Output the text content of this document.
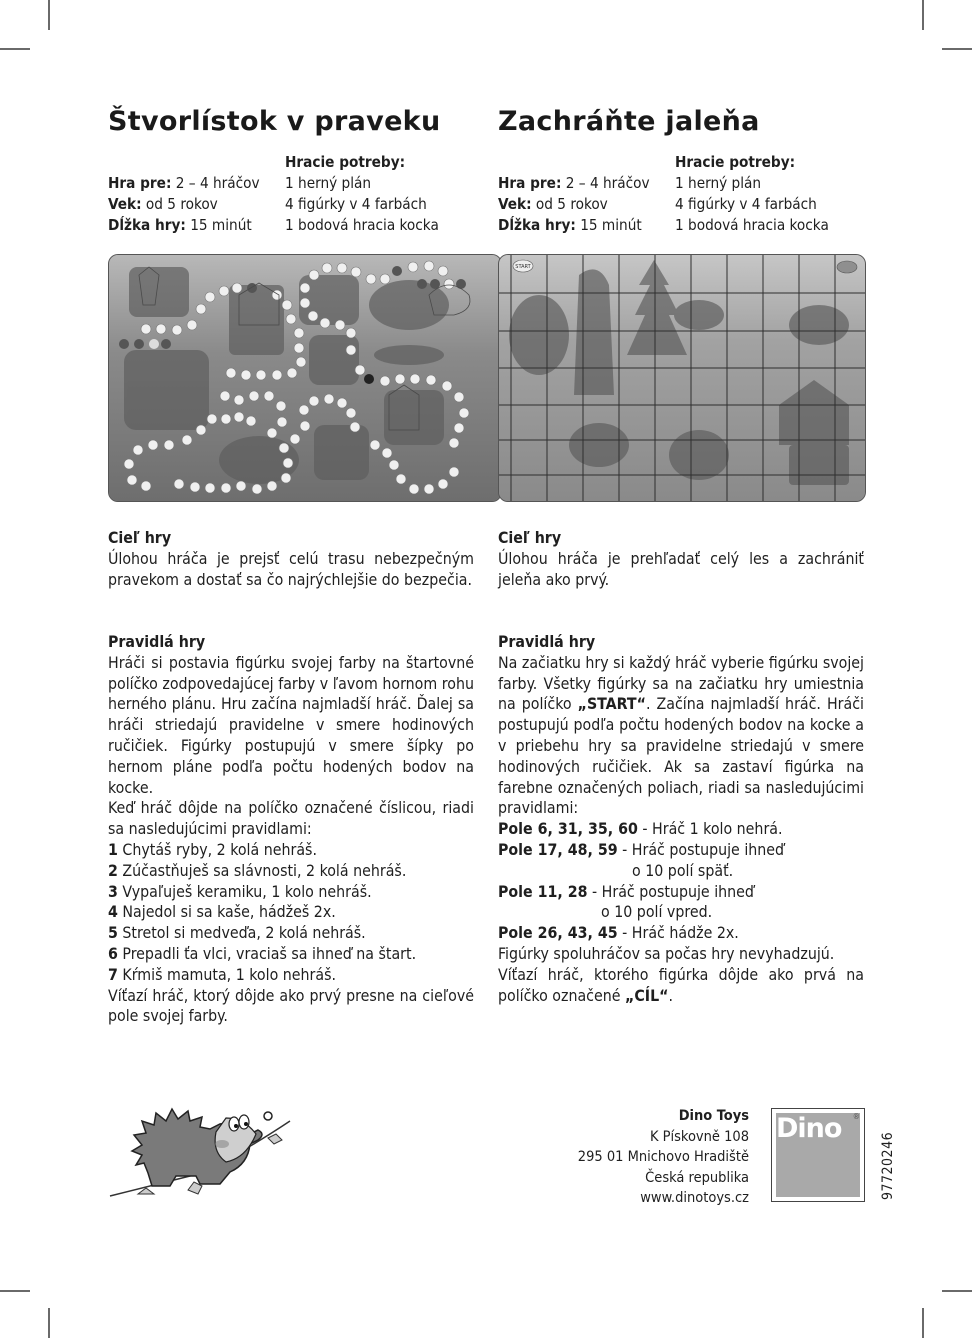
Štvorlístok v praveku
Hra pre: 2 – 4 hráčov
Vek: od 5 rokov
Dĺžka hry: 15 minút
Hracie potreby:
1 herný plán
4 figúrky v 4 farbách
1 bodová hracia kocka
Zachráňte jaleňa
Hra pre: 2 – 4 hráčov
Vek: od 5 rokov
Dĺžka hry: 15 minút
Hracie potreby:
1 herný plán
4 figúrky v 4 farbách
1 bodová hracia kocka
START
Cieľ hry

Úlohou hráča je prejsť celú trasu nebezpečným pravekom a dostať sa čo najrýchlejšie do bezpečia.

Cieľ hry

Úlohou hráča je prehľadať celý les a zachrániť jeleňa ako prvý.

Pravidlá hry

Hráči si postavia figúrku svojej farby na štartovné políčko zodpovedajúcej farby v ľavom hornom rohu herného plánu. Hru začína najmladší hráč. Ďalej sa hráči striedajú pravidelne v smere hodinových ručičiek. Figúrky postupujú v smere šípky po hernom pláne podľa počtu hodených bodov na kocke.

Keď hráč dôjde na políčko označené číslicou, riadi sa nasledujúcimi pravidlami:

1 Chytáš ryby, 2 kolá nehráš.
2 Zúčastňuješ sa slávnosti, 2 kolá nehráš.
3 Vypaľuješ keramiku, 1 kolo nehráš.
4 Najedol si sa kaše, hádžeš 2x.
5 Stretol si medveďa, 2 kolá nehráš.
6 Prepadli ťa vlci, vraciaš sa ihneď na štart.
7 Kŕmiš mamuta, 1 kolo nehráš.

Víťazí hráč, ktorý dôjde ako prvý presne na cieľové pole svojej farby.

Pravidlá hry

Na začiatku hry si každý hráč vyberie figúrku svojej farby. Všetky figúrky sa na začiatku hry umiestnia na políčko „START“. Začína najmladší hráč. Hráči postupujú podľa počtu hodených bodov na kocke a v priebehu hry sa pravidelne striedajú v smere hodinových ručičiek. Ak sa zastaví figúrka na farebne označených poliach, riadi sa nasledujúcimi pravidlami:

Pole 6, 31, 35, 60 - Hráč 1 kolo nehrá.
Pole 17, 48, 59 - Hráč postupuje ihneď
o 10 polí späť.
Pole 11, 28 - Hráč postupuje ihneď
o 10 polí vpred.
Pole 26, 43, 45 - Hráč hádže 2x.

Figúrky spoluhráčov sa počas hry nevyhadzujú.

Víťazí hráč, ktorého figúrka dôjde ako prvá na políčko označené „CÍL“.

Dino Toys
K Pískovně 108
295 01 Mnichovo Hradiště
Česká republika
www.dinotoys.cz
Dino ®
97720246
